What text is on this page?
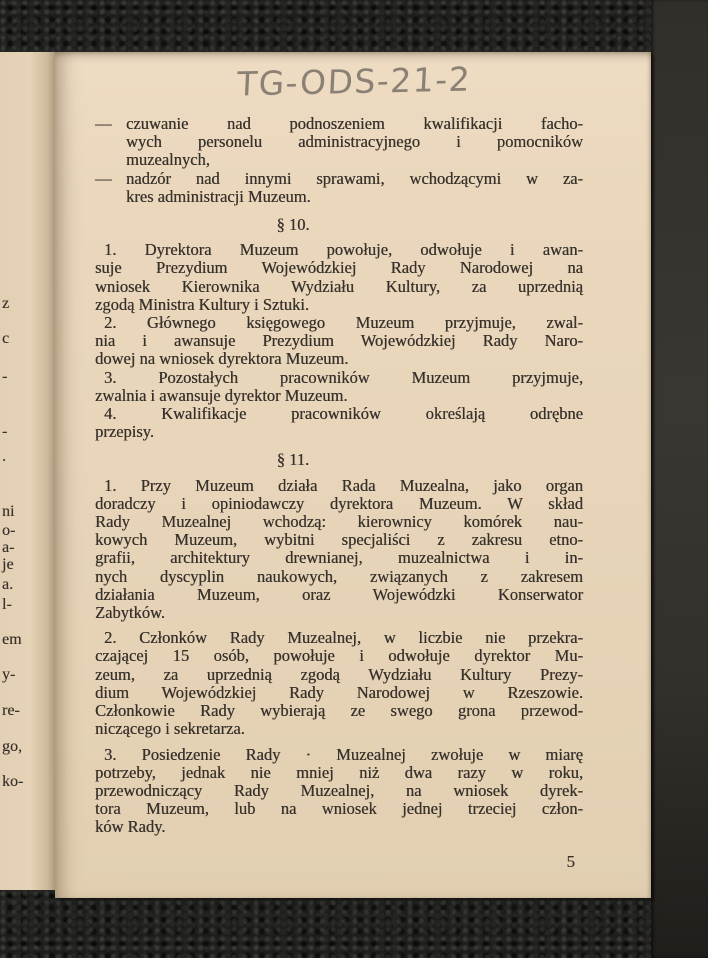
z
c
-
-
.
ni
o-
a-
je
a.
l-
em
y-
re-
go,
ko-
TG-ODS-21-2
— czuwanie nad podnoszeniem kwalifikacji facho-
wych personelu administracyjnego i pomocników
muzealnych,
— nadzór nad innymi sprawami, wchodzącymi w za-
kres administracji Muzeum.
§ 10.
1. Dyrektora Muzeum powołuje, odwołuje i awan-
suje Prezydium Wojewódzkiej Rady Narodowej na
wniosek Kierownika Wydziału Kultury, za uprzednią
zgodą Ministra Kultury i Sztuki.
2. Głównego księgowego Muzeum przyjmuje, zwal-
nia i awansuje Prezydium Wojewódzkiej Rady Naro-
dowej na wniosek dyrektora Muzeum.
3. Pozostałych pracowników Muzeum przyjmuje,
zwalnia i awansuje dyrektor Muzeum.
4. Kwalifikacje pracowników określają odrębne
przepisy.
§ 11.
1. Przy Muzeum działa Rada Muzealna, jako organ
doradczy i opiniodawczy dyrektora Muzeum. W skład
Rady Muzealnej wchodzą: kierownicy komórek nau-
kowych Muzeum, wybitni specjaliści z zakresu etno-
grafii, architektury drewnianej, muzealnictwa i in-
nych dyscyplin naukowych, związanych z zakresem
działania Muzeum, oraz Wojewódzki Konserwator
Zabytków.
2. Członków Rady Muzealnej, w liczbie nie przekra-
czającej 15 osób, powołuje i odwołuje dyrektor Mu-
zeum, za uprzednią zgodą Wydziału Kultury Prezy-
dium Wojewódzkiej Rady Narodowej w Rzeszowie.
Członkowie Rady wybierają ze swego grona przewod-
niczącego i sekretarza.
3. Posiedzenie Rady · Muzealnej zwołuje w miarę
potrzeby, jednak nie mniej niż dwa razy w roku,
przewodniczący Rady Muzealnej, na wniosek dyrek-
tora Muzeum, lub na wniosek jednej trzeciej człon-
ków Rady.
5
